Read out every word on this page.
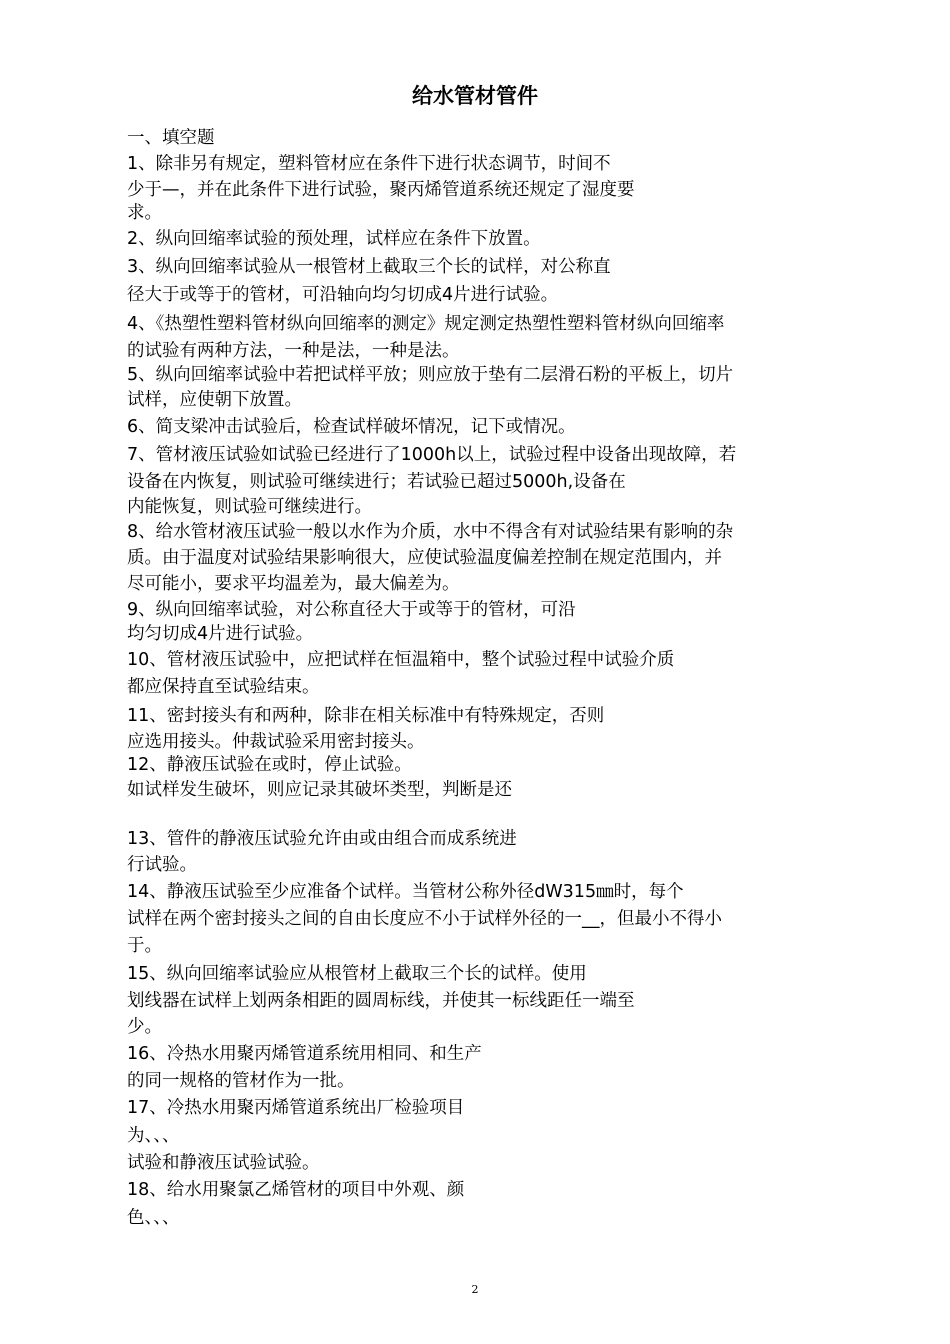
给水管材管件
一、填空题
1、除非另有规定，塑料管材应在条件下进行状态调节，时间不
少于—，并在此条件下进行试验，聚丙烯管道系统还规定了湿度要
求。
2、纵向回缩率试验的预处理，试样应在条件下放置。
3、纵向回缩率试验从一根管材上截取三个长的试样，对公称直
径大于或等于的管材，可沿轴向均匀切成4片进行试验。
4、《热塑性塑料管材纵向回缩率的测定》规定测定热塑性塑料管材纵向回缩率
的试验有两种方法，一种是法，一种是法。
5、纵向回缩率试验中若把试样平放；则应放于垫有二层滑石粉的平板上，切片
试样，应使朝下放置。
6、简支梁冲击试验后，检查试样破坏情况，记下或情况。
7、管材液压试验如试验已经进行了1000h以上，试验过程中设备出现故障，若
设备在内恢复，则试验可继续进行；若试验已超过5000h,设备在
内能恢复，则试验可继续进行。
8、给水管材液压试验一般以水作为介质，水中不得含有对试验结果有影响的杂
质。由于温度对试验结果影响很大，应使试验温度偏差控制在规定范围内，并
尽可能小，要求平均温差为，最大偏差为。
9、纵向回缩率试验，对公称直径大于或等于的管材，可沿
均匀切成4片进行试验。
10、管材液压试验中，应把试样在恒温箱中，整个试验过程中试验介质
都应保持直至试验结束。
11、密封接头有和两种，除非在相关标准中有特殊规定，否则
应选用接头。仲裁试验采用密封接头。
12、静液压试验在或时，停止试验。
如试样发生破坏，则应记录其破坏类型，判断是还
13、管件的静液压试验允许由或由组合而成系统进
行试验。
14、静液压试验至少应准备个试样。当管材公称外径dW315㎜时，每个
试样在两个密封接头之间的自由长度应不小于试样外径的一__，但最小不得小
于。
15、纵向回缩率试验应从根管材上截取三个长的试样。使用
划线器在试样上划两条相距的圆周标线，并使其一标线距任一端至
少。
16、冷热水用聚丙烯管道系统用相同、和生产
的同一规格的管材作为一批。
17、冷热水用聚丙烯管道系统出厂检验项目
为、、、
试验和静液压试验试验。
18、给水用聚氯乙烯管材的项目中外观、颜
色、、、
2
